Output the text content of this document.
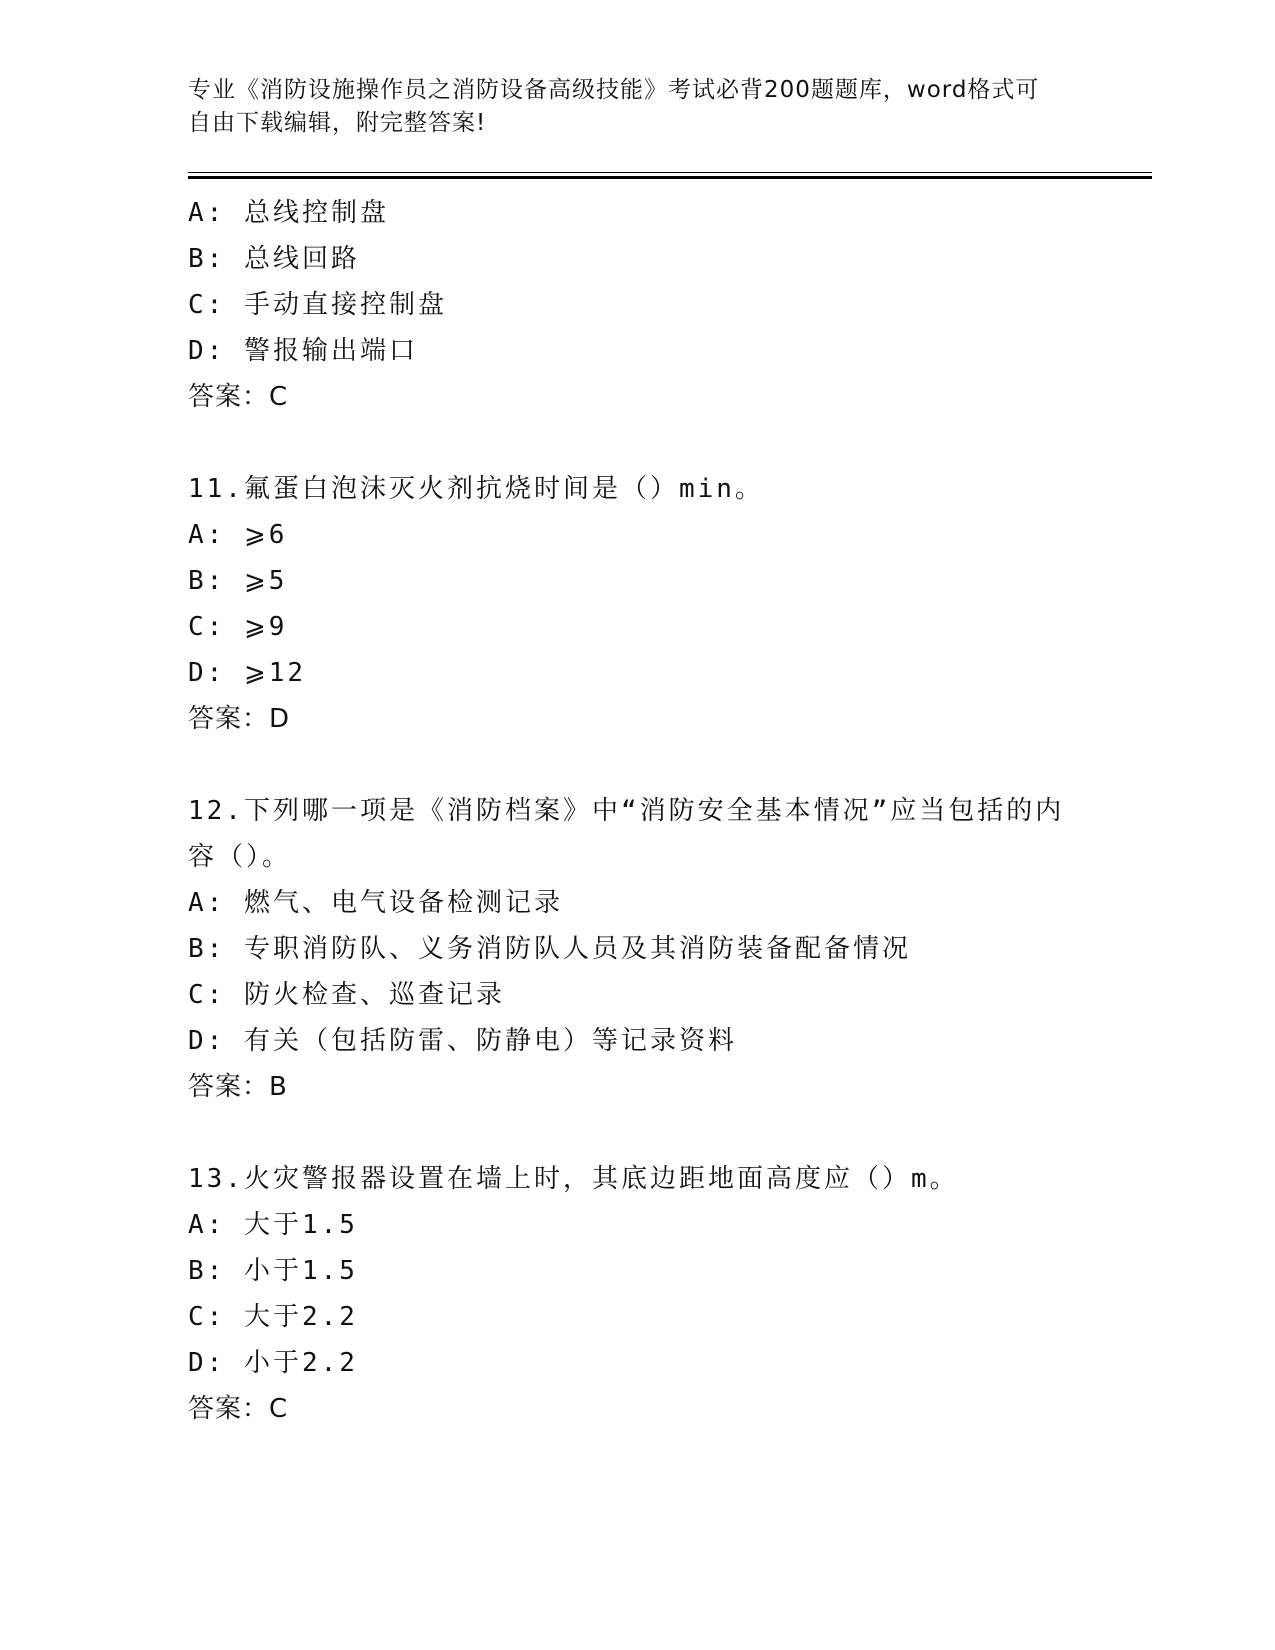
专业《消防设施操作员之消防设备高级技能》考试必背200题题库，word格式可
自由下载编辑，附完整答案!
A: 总线控制盘
B: 总线回路
C: 手动直接控制盘
D: 警报输出端口
答案：C
11.氟蛋白泡沫灭火剂抗烧时间是（）min。
A: ⩾6
B: ⩾5
C: ⩾9
D: ⩾12
答案：D
12.下列哪一项是《消防档案》中“消防安全基本情况”应当包括的内
容（）。
A: 燃气、电气设备检测记录
B: 专职消防队、义务消防队人员及其消防装备配备情况
C: 防火检查、巡查记录
D: 有关（包括防雷、防静电）等记录资料
答案：B
13.火灾警报器设置在墙上时，其底边距地面高度应（）m。
A: 大于1.5
B: 小于1.5
C: 大于2.2
D: 小于2.2
答案：C
